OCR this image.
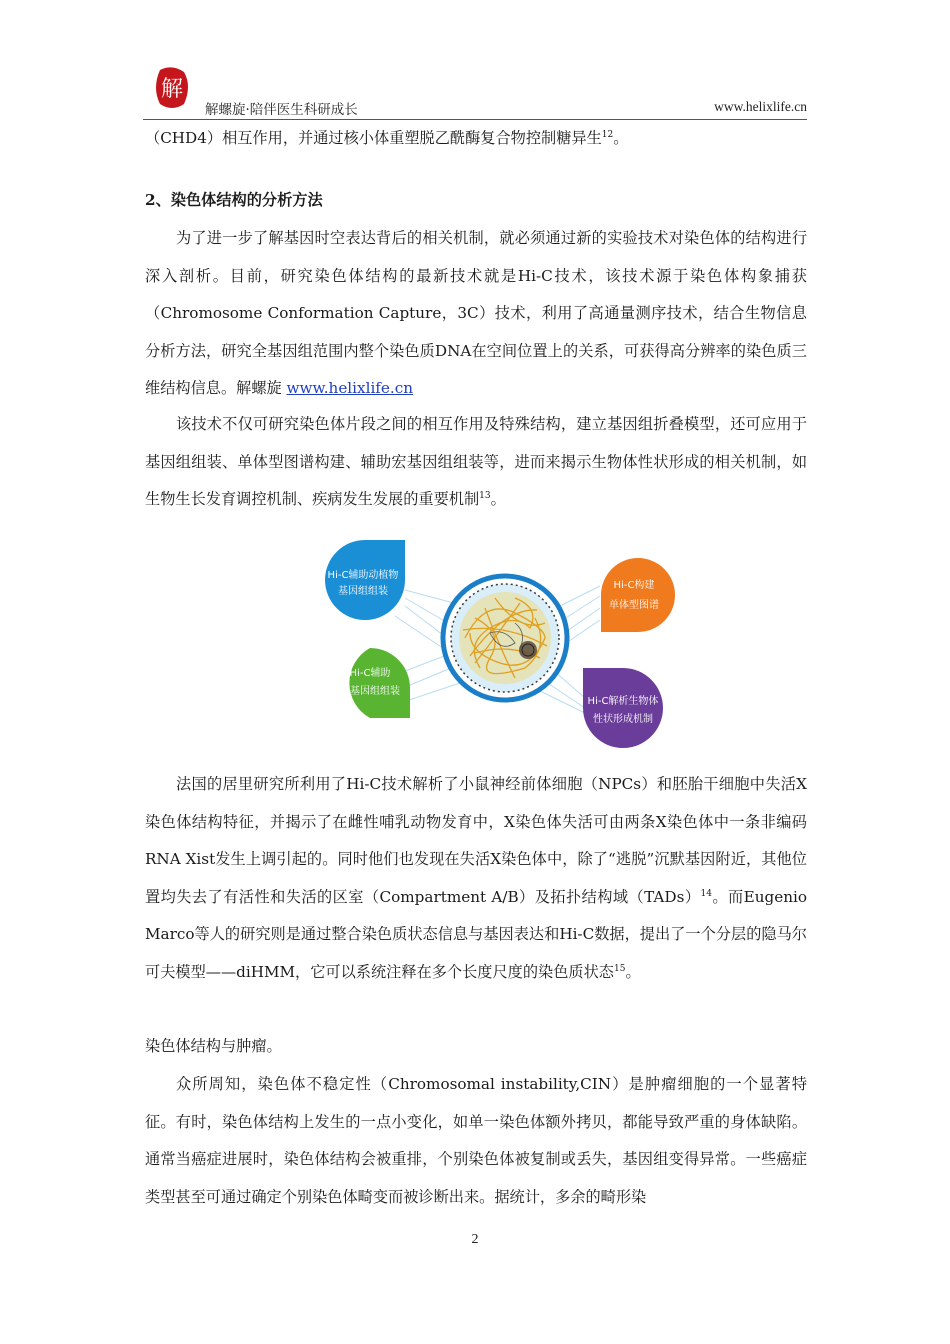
解
解螺旋·陪伴医生科研成长	www.helixlife.cn

（CHD4）相互作用，并通过核小体重塑脱乙酰酶复合物控制糖异生$^{12}$。

2、染色体结构的分析方法

为了进一步了解基因时空表达背后的相关机制，就必须通过新的实验技术对染色体的结构进行深入剖析。目前，研究染色体结构的最新技术就是Hi-C技术，该技术源于染色体构象捕获（Chromosome Conformation Capture，3C）技术，利用了高通量测序技术，结合生物信息分析方法，研究全基因组范围内整个染色质DNA在空间位置上的关系，可获得高分辨率的染色质三维结构信息。解螺旋 www.helixlife.cn

该技术不仅可研究染色体片段之间的相互作用及特殊结构，建立基因组折叠模型，还可应用于基因组组装、单体型图谱构建、辅助宏基因组组装等，进而来揭示生物体性状形成的相关机制，如生物生长发育调控机制、疾病发生发展的重要机制$^{13}$。

Hi-C辅助动植物
基因组组装
Hi-C辅助
宏基因组组装
Hi-C构建
单体型图谱
Hi-C解析生物体
性状形成机制

法国的居里研究所利用了Hi-C技术解析了小鼠神经前体细胞（NPCs）和胚胎干细胞中失活X染色体结构特征，并揭示了在雌性哺乳动物发育中，X染色体失活可由两条X染色体中一条非编码RNA Xist发生上调引起的。同时他们也发现在失活X染色体中，除了“逃脱”沉默基因附近，其他位置均失去了有活性和失活的区室（Compartment A/B）及拓扑结构域（TADs）$^{14}$。而Eugenio Marco等人的研究则是通过整合染色质状态信息与基因表达和Hi-C数据，提出了一个分层的隐马尔可夫模型——diHMM，它可以系统注释在多个长度尺度的染色质状态$^{15}$。

染色体结构与肿瘤。

众所周知，染色体不稳定性（Chromosomal instability,CIN）是肿瘤细胞的一个显著特征。有时，染色体结构上发生的一点小变化，如单一染色体额外拷贝，都能导致严重的身体缺陷。通常当癌症进展时，染色体结构会被重排，个别染色体被复制或丢失，基因组变得异常。一些癌症类型甚至可通过确定个别染色体畸变而被诊断出来。据统计，多余的畸形染

2
